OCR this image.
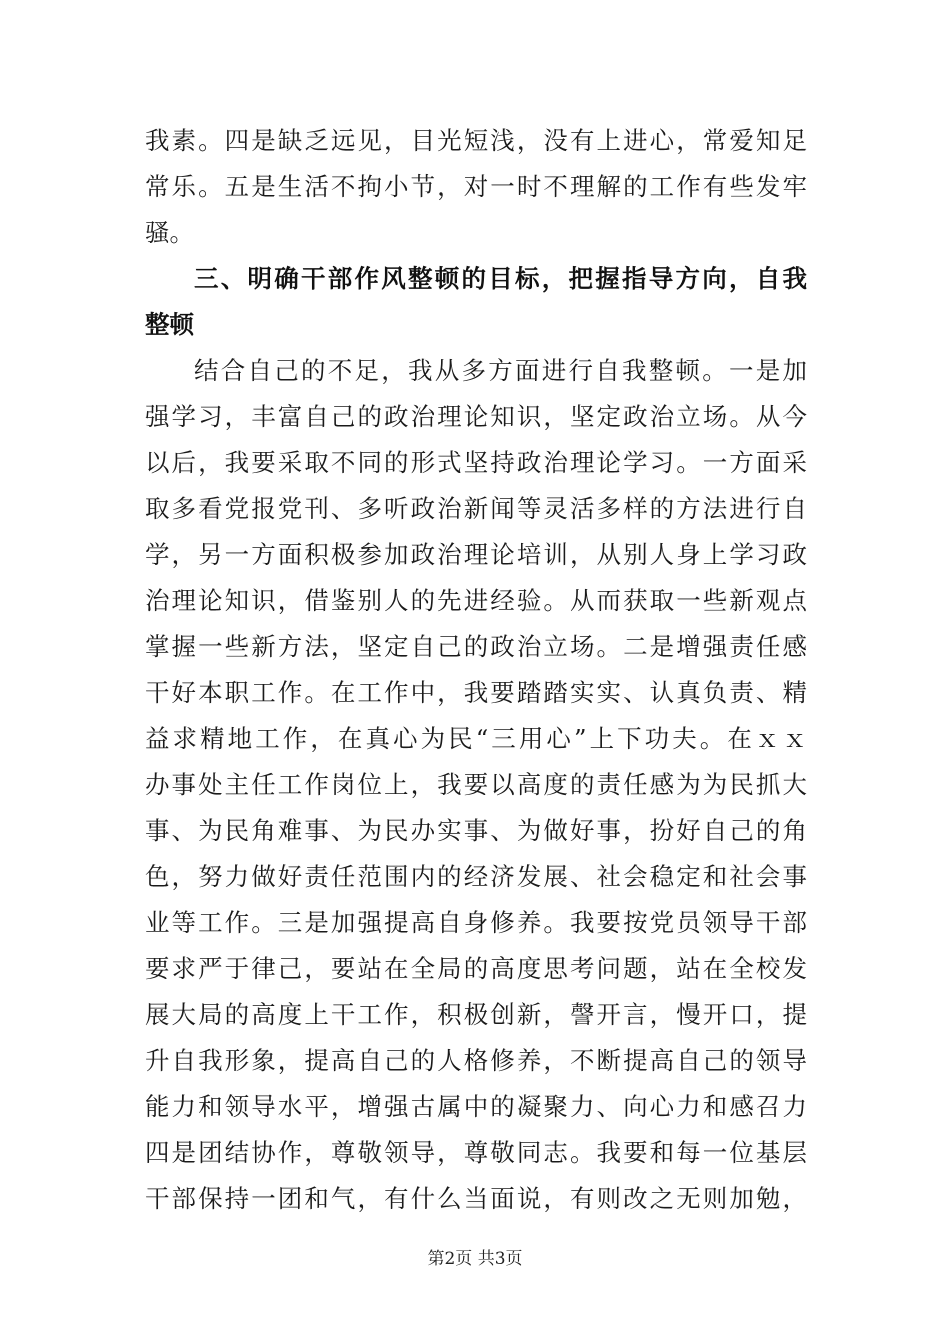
我素。四是缺乏远见，目光短浅，没有上进心，常爱知足
常乐。五是生活不拘小节，对一时不理解的工作有些发牢
骚。
三、明确干部作风整顿的目标，把握指导方向，自我
整顿
结合自己的不足，我从多方面进行自我整顿。一是加
强学习，丰富自己的政治理论知识，坚定政治立场。从今
以后，我要采取不同的形式坚持政治理论学习。一方面采
取多看党报党刊、多听政治新闻等灵活多样的方法进行自
学，另一方面积极参加政治理论培训，从别人身上学习政
治理论知识，借鉴别人的先进经验。从而获取一些新观点
掌握一些新方法，坚定自己的政治立场。二是增强责任感
干好本职工作。在工作中，我要踏踏实实、认真负责、精
益求精地工作，在真心为民“三用心”上下功夫。在ｘｘ
办事处主任工作岗位上，我要以高度的责任感为为民抓大
事、为民角难事、为民办实事、为做好事，扮好自己的角
色，努力做好责任范围内的经济发展、社会稳定和社会事
业等工作。三是加强提高自身修养。我要按党员领导干部
要求严于律己，要站在全局的高度思考问题，站在全校发
展大局的高度上干工作，积极创新，謦开言，慢开口，提
升自我形象，提高自己的人格修养，不断提高自己的领导
能力和领导水平，增强古属中的凝聚力、向心力和感召力
四是团结协作，尊敬领导，尊敬同志。我要和每一位基层
干部保持一团和气，有什么当面说，有则改之无则加勉，
第2页 共3页
